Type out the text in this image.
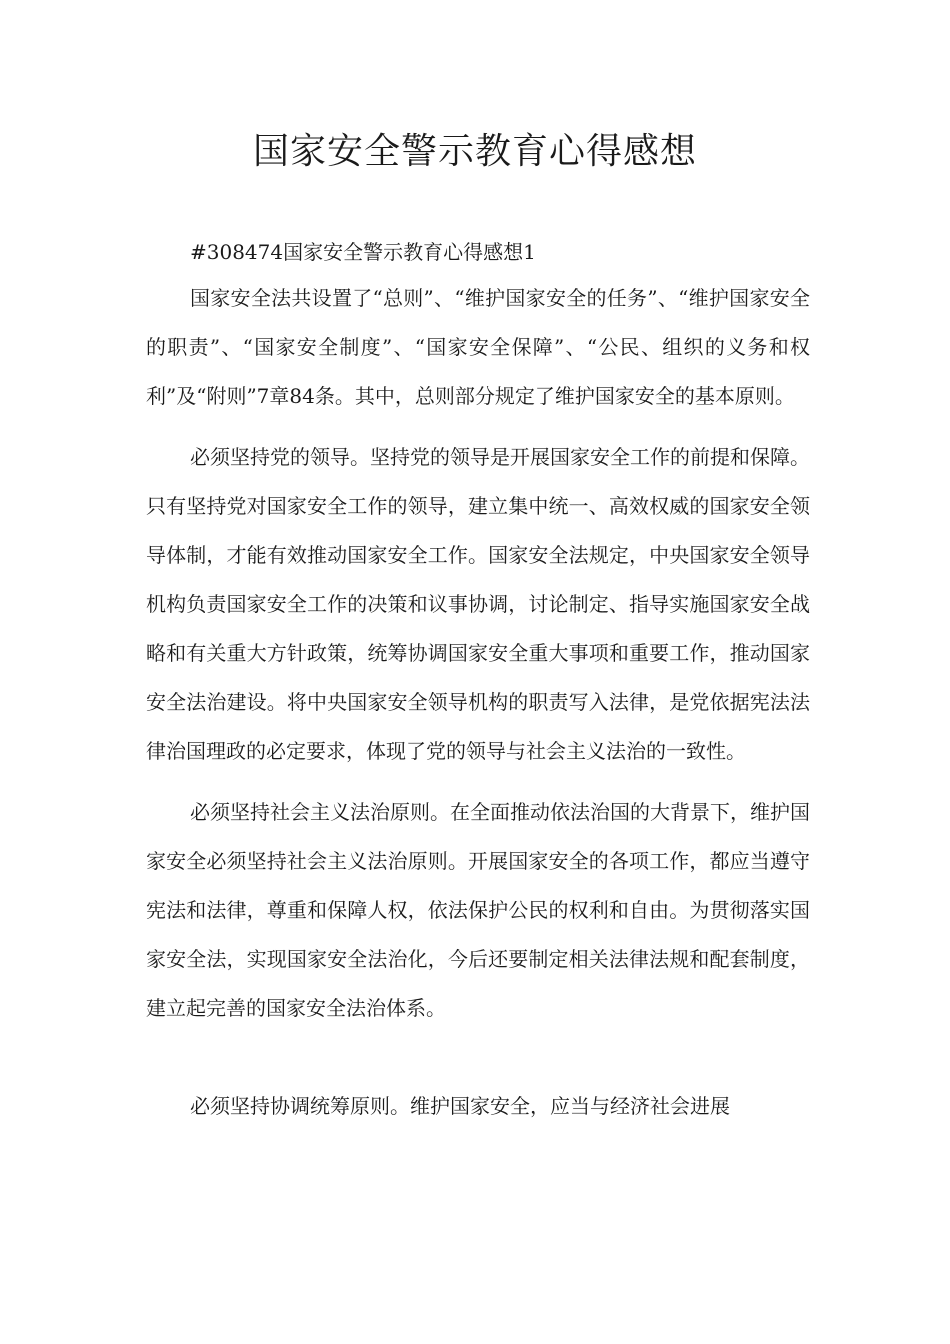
国家安全警示教育心得感想

#308474国家安全警示教育心得感想1

国家安全法共设置了“总则”、“维护国家安全的任务”、“维护国家安全的职责”、“国家安全制度”、“国家安全保障”、“公民、组织的义务和权利”及“附则”7章84条。其中，总则部分规定了维护国家安全的基本原则。

必须坚持党的领导。坚持党的领导是开展国家安全工作的前提和保障。只有坚持党对国家安全工作的领导，建立集中统一、高效权威的国家安全领导体制，才能有效推动国家安全工作。国家安全法规定，中央国家安全领导机构负责国家安全工作的决策和议事协调，讨论制定、指导实施国家安全战略和有关重大方针政策，统筹协调国家安全重大事项和重要工作，推动国家安全法治建设。将中央国家安全领导机构的职责写入法律，是党依据宪法法律治国理政的必定要求，体现了党的领导与社会主义法治的一致性。

必须坚持社会主义法治原则。在全面推动依法治国的大背景下，维护国家安全必须坚持社会主义法治原则。开展国家安全的各项工作，都应当遵守宪法和法律，尊重和保障人权，依法保护公民的权利和自由。为贯彻落实国家安全法，实现国家安全法治化，今后还要制定相关法律法规和配套制度，建立起完善的国家安全法治体系。

必须坚持协调统筹原则。维护国家安全，应当与经济社会进展
